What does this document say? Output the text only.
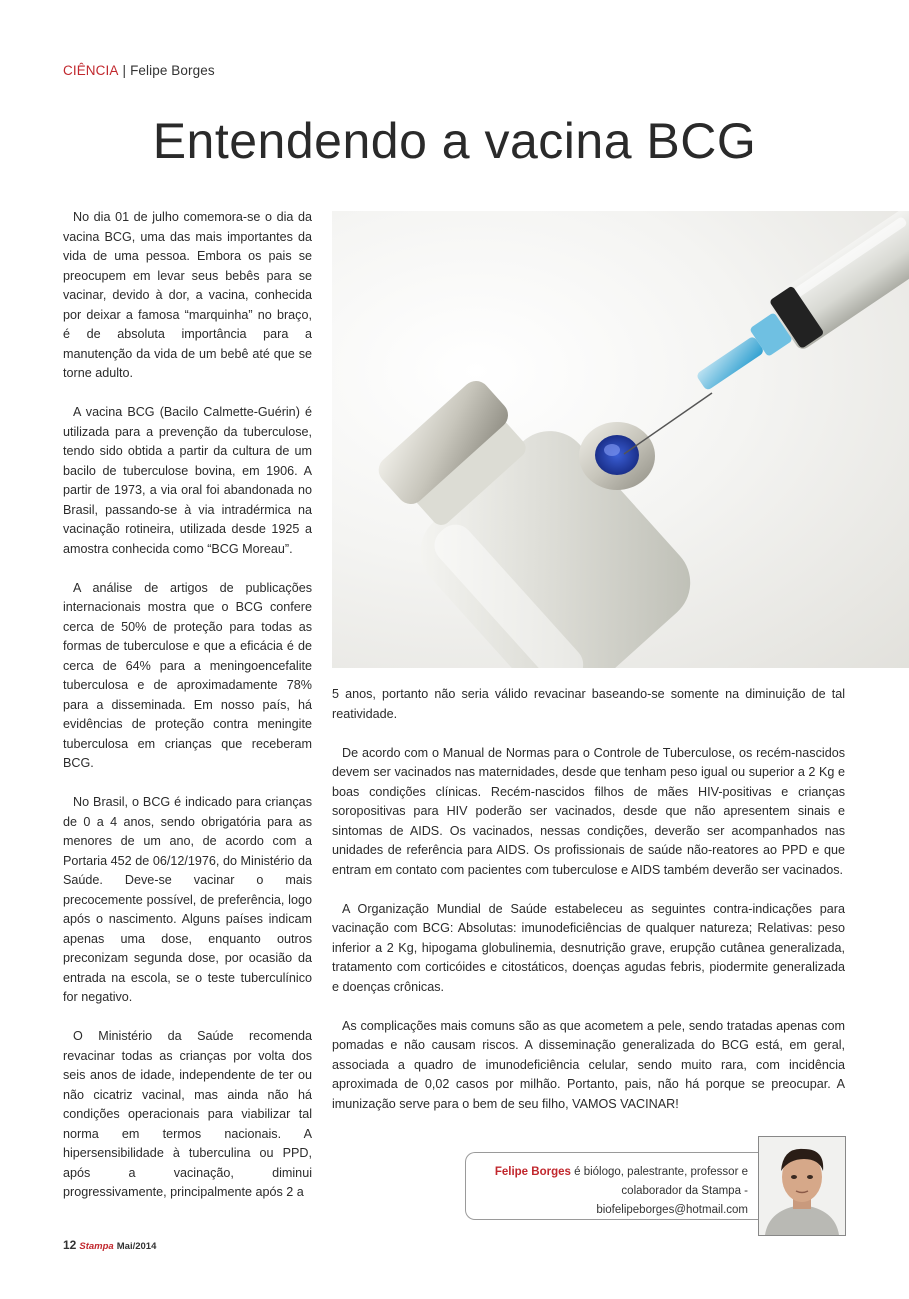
CIÊNCIA | Felipe Borges
Entendendo a vacina BCG

No dia 01 de julho comemora-se o dia da vacina BCG, uma das mais importantes da vida de uma pessoa. Embora os pais se preocupem em levar seus bebês para se vacinar, devido à dor, a vacina, conhecida por deixar a famosa “marquinha” no braço, é de absoluta importância para a manutenção da vida de um bebê até que se torne adulto.

A vacina BCG (Bacilo Calmette-Guérin) é utilizada para a prevenção da tuberculose, tendo sido obtida a partir da cultura de um bacilo de tuberculose bovina, em 1906. A partir de 1973, a via oral foi abandonada no Brasil, passando-se à via intradérmica na vacinação rotineira, utilizada desde 1925 a amostra conhecida como “BCG Moreau”.

A análise de artigos de publicações internacionais mostra que o BCG confere cerca de 50% de proteção para todas as formas de tuberculose e que a eficácia é de cerca de 64% para a meningoencefalite tuberculosa e de aproximadamente 78% para a disseminada. Em nosso país, há evidências de proteção contra meningite tuberculosa em crianças que receberam BCG.

No Brasil, o BCG é indicado para crianças de 0 a 4 anos, sendo obrigatória para as menores de um ano, de acordo com a Portaria 452 de 06/12/1976, do Ministério da Saúde. Deve-se vacinar o mais precocemente possível, de preferência, logo após o nascimento. Alguns países indicam apenas uma dose, enquanto outros preconizam segunda dose, por ocasião da entrada na escola, se o teste tuberculínico for negativo.

O Ministério da Saúde recomenda revacinar todas as crianças por volta dos seis anos de idade, independente de ter ou não cicatriz vacinal, mas ainda não há condições operacionais para viabilizar tal norma em termos nacionais. A hipersensibilidade à tuberculina ou PPD, após a vacinação, diminui progressivamente, principalmente após 2 a

5 anos, portanto não seria válido revacinar baseando-se somente na diminuição de tal reatividade.

De acordo com o Manual de Normas para o Controle de Tuberculose, os recém-nascidos devem ser vacinados nas maternidades, desde que tenham peso igual ou superior a 2 Kg e boas condições clínicas. Recém-nascidos filhos de mães HIV-positivas e crianças soropositivas para HIV poderão ser vacinados, desde que não apresentem sinais e sintomas de AIDS. Os vacinados, nessas condições, deverão ser acompanhados nas unidades de referência para AIDS. Os profissionais de saúde não-reatores ao PPD e que entram em contato com pacientes com tuberculose e AIDS também deverão ser vacinados.

A Organização Mundial de Saúde estabeleceu as seguintes contra-indicações para vacinação com BCG: Absolutas: imunodeficiências de qualquer natureza; Relativas: peso inferior a 2 Kg, hipogama globulinemia, desnutrição grave, erupção cutânea generalizada, tratamento com corticóides e citostáticos, doenças agudas febris, piodermite generalizada e doenças crônicas.

As complicações mais comuns são as que acometem a pele, sendo tratadas apenas com pomadas e não causam riscos. A disseminação generalizada do BCG está, em geral, associada a quadro de imunodeficiência celular, sendo muito rara, com incidência aproximada de 0,02 casos por milhão. Portanto, pais, não há porque se preocupar. A imunização serve para o bem de seu filho, VAMOS VACINAR!

Felipe Borges é biólogo, palestrante, professor e
colaborador da Stampa - biofelipeborges@hotmail.com
12 Stampa Mai/2014
